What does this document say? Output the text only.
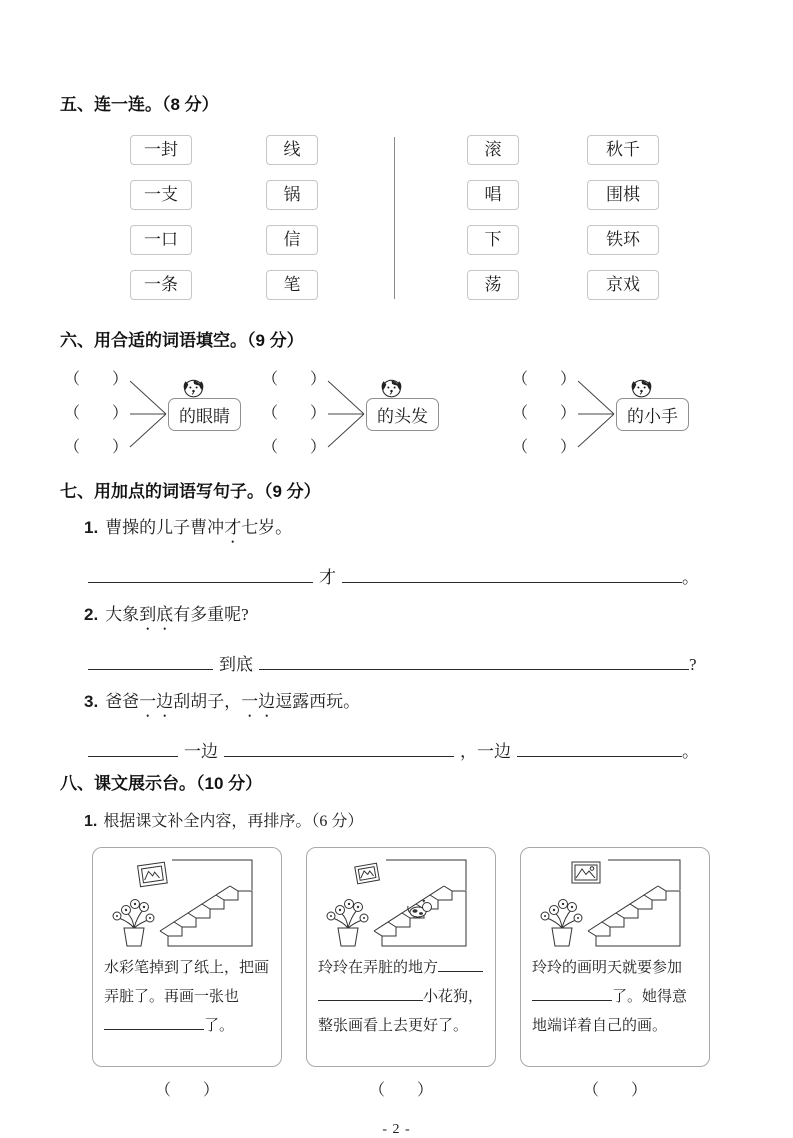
五、连一连。（8 分）
一封
一支
一口
一条
线
锅
信
笔
滚
唱
下
荡
秋千
围棋
铁环
京戏
六、用合适的词语填空。（9 分）
（　　）
（　　）
（　　）
的眼睛
（　　）
（　　）
（　　）
的头发
（　　）
（　　）
（　　）
的小手
七、用加点的词语写句子。（9 分）
1. 曹操的儿子曹冲才七岁。
才	。
2. 大象到底有多重呢?
到底	?
3. 爸爸一边刮胡子，一边逗露西玩。
一边	，一边	。
八、课文展示台。（10 分）
1. 根据课文补全内容，再排序。（6 分）

水彩笔掉到了纸上，把画弄脏了。再画一张也了。

玲玲在弄脏的地方小花狗，整张画看上去更好了。

玲玲的画明天就要参加了。她得意地端详着自己的画。

（　　）	（　　）	（　　）
- 2 -
